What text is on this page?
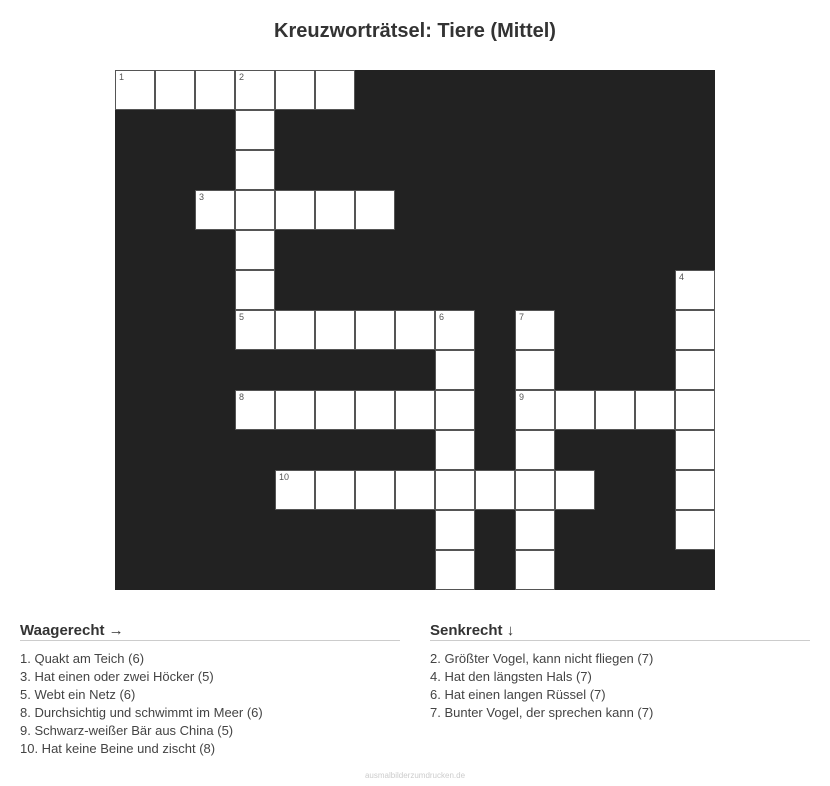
Kreuzworträtsel: Tiere (Mittel)
1	2
3
4
5	6	7
8	9
10
Waagerecht →
1. Quakt am Teich (6)
3. Hat einen oder zwei Höcker (5)
5. Webt ein Netz (6)
8. Durchsichtig und schwimmt im Meer (6)
9. Schwarz-weißer Bär aus China (5)
10. Hat keine Beine und zischt (8)
Senkrecht ↓
2. Größter Vogel, kann nicht fliegen (7)
4. Hat den längsten Hals (7)
6. Hat einen langen Rüssel (7)
7. Bunter Vogel, der sprechen kann (7)
ausmalbilderzumdrucken.de
